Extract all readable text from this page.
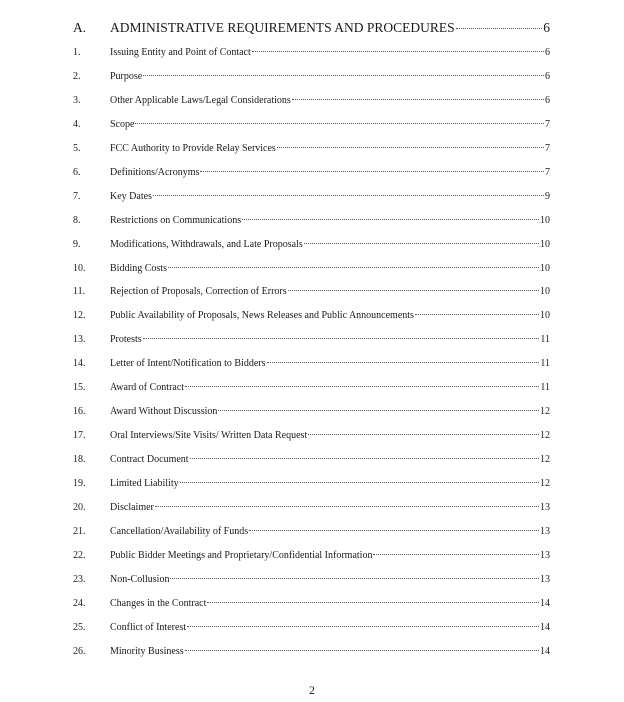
A. ADMINISTRATIVE REQUIREMENTS AND PROCEDURES	6
1.	Issuing Entity and Point of Contact	6
2.	Purpose	6
3.	Other Applicable Laws/Legal Considerations	6
4.	Scope	7
5.	FCC Authority to Provide Relay Services	7
6.	Definitions/Acronyms	7
7.	Key Dates	9
8.	Restrictions on Communications	10
9.	Modifications, Withdrawals, and Late Proposals	10
10. Bidding Costs	10
11. Rejection of Proposals, Correction of Errors	10
12. Public Availability of Proposals, News Releases and Public Announcements	10
13. Protests	11
14. Letter of Intent/Notification to Bidders	11
15. Award of Contract	11
16. Award Without Discussion	12
17. Oral Interviews/Site Visits/ Written Data Request	12
18. Contract Document	12
19. Limited Liability	12
20. Disclaimer	13
21. Cancellation/Availability of Funds	13
22. Public Bidder Meetings and Proprietary/Confidential Information	13
23. Non-Collusion	13
24. Changes in the Contract	14
25. Conflict of Interest	14
26. Minority Business	14
2
